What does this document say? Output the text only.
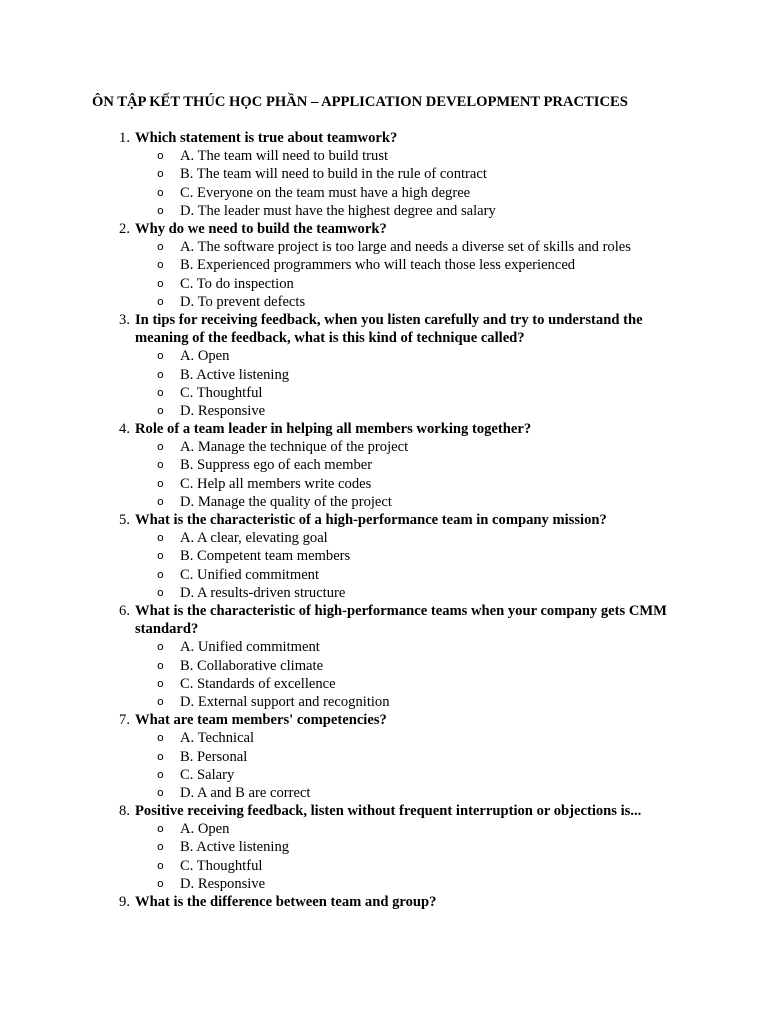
ÔN TẬP KẾT THÚC HỌC PHẦN – APPLICATION DEVELOPMENT PRACTICES
1. Which statement is true about teamwork?
o A. The team will need to build trust
o B. The team will need to build in the rule of contract
o C. Everyone on the team must have a high degree
o D. The leader must have the highest degree and salary
2. Why do we need to build the teamwork?
o A. The software project is too large and needs a diverse set of skills and roles
o B. Experienced programmers who will teach those less experienced
o C. To do inspection
o D. To prevent defects
3. In tips for receiving feedback, when you listen carefully and try to understand the meaning of the feedback, what is this kind of technique called?
o A. Open
o B. Active listening
o C. Thoughtful
o D. Responsive
4. Role of a team leader in helping all members working together?
o A. Manage the technique of the project
o B. Suppress ego of each member
o C. Help all members write codes
o D. Manage the quality of the project
5. What is the characteristic of a high-performance team in company mission?
o A. A clear, elevating goal
o B. Competent team members
o C. Unified commitment
o D. A results-driven structure
6. What is the characteristic of high-performance teams when your company gets CMM standard?
o A. Unified commitment
o B. Collaborative climate
o C. Standards of excellence
o D. External support and recognition
7. What are team members' competencies?
o A. Technical
o B. Personal
o C. Salary
o D. A and B are correct
8. Positive receiving feedback, listen without frequent interruption or objections is...
o A. Open
o B. Active listening
o C. Thoughtful
o D. Responsive
9. What is the difference between team and group?
